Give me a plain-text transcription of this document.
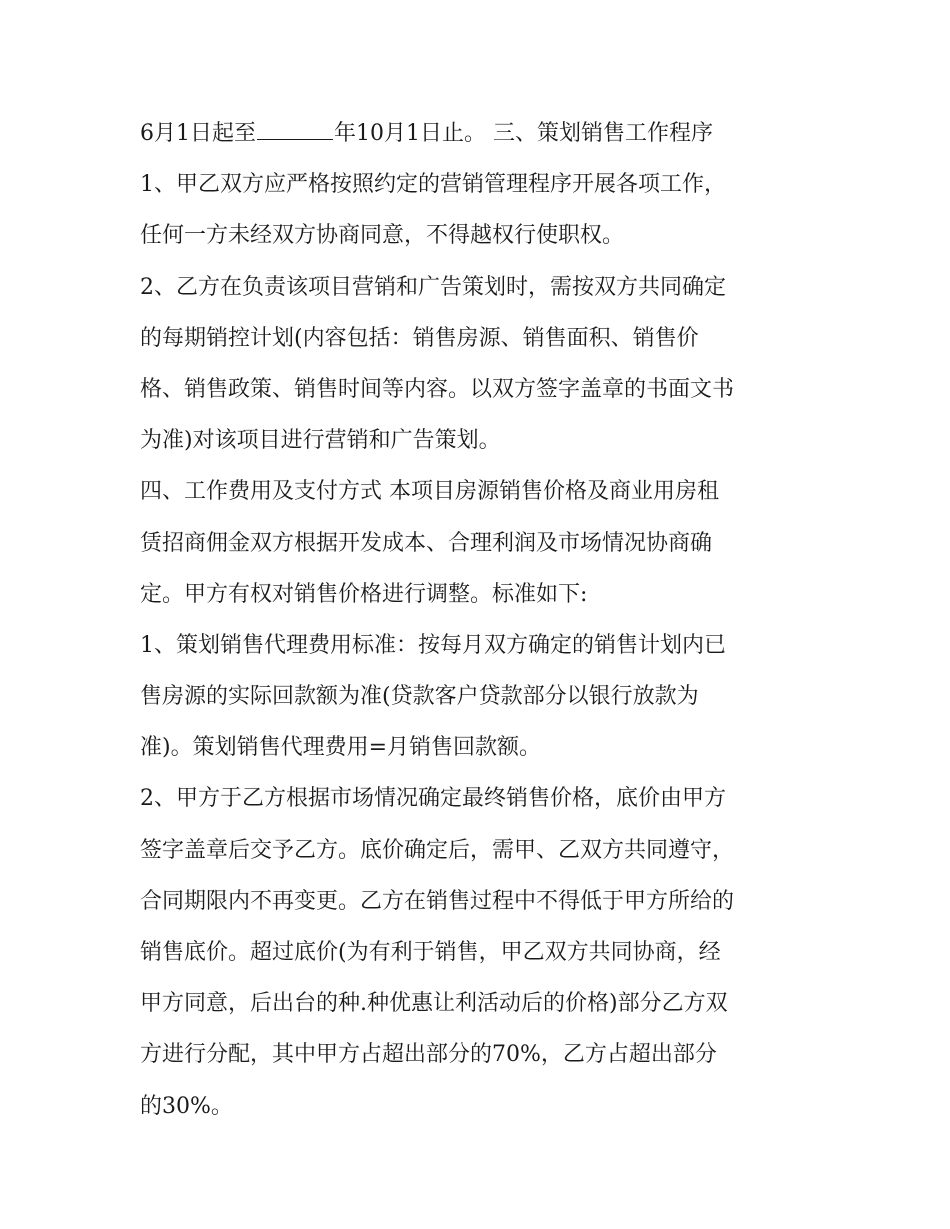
6月1日起至	年10月1日止。 三、策划销售工作程序
1、甲乙双方应严格按照约定的营销管理程序开展各项工作，
任何一方未经双方协商同意，不得越权行使职权。
2、乙方在负责该项目营销和广告策划时，需按双方共同确定
的每期销控计划(内容包括：销售房源、销售面积、销售价
格、销售政策、销售时间等内容。以双方签字盖章的书面文书
为准)对该项目进行营销和广告策划。
四、工作费用及支付方式 本项目房源销售价格及商业用房租
赁招商佣金双方根据开发成本、合理利润及市场情况协商确
定。甲方有权对销售价格进行调整。标准如下:
1、策划销售代理费用标准：按每月双方确定的销售计划内已
售房源的实际回款额为准(贷款客户贷款部分以银行放款为
准)。策划销售代理费用=月销售回款额。
2、甲方于乙方根据市场情况确定最终销售价格，底价由甲方
签字盖章后交予乙方。底价确定后，需甲、乙双方共同遵守，
合同期限内不再变更。乙方在销售过程中不得低于甲方所给的
销售底价。超过底价(为有利于销售，甲乙双方共同协商，经
甲方同意，后出台的种.种优惠让利活动后的价格)部分乙方双
方进行分配，其中甲方占超出部分的70%，乙方占超出部分
的30%。
